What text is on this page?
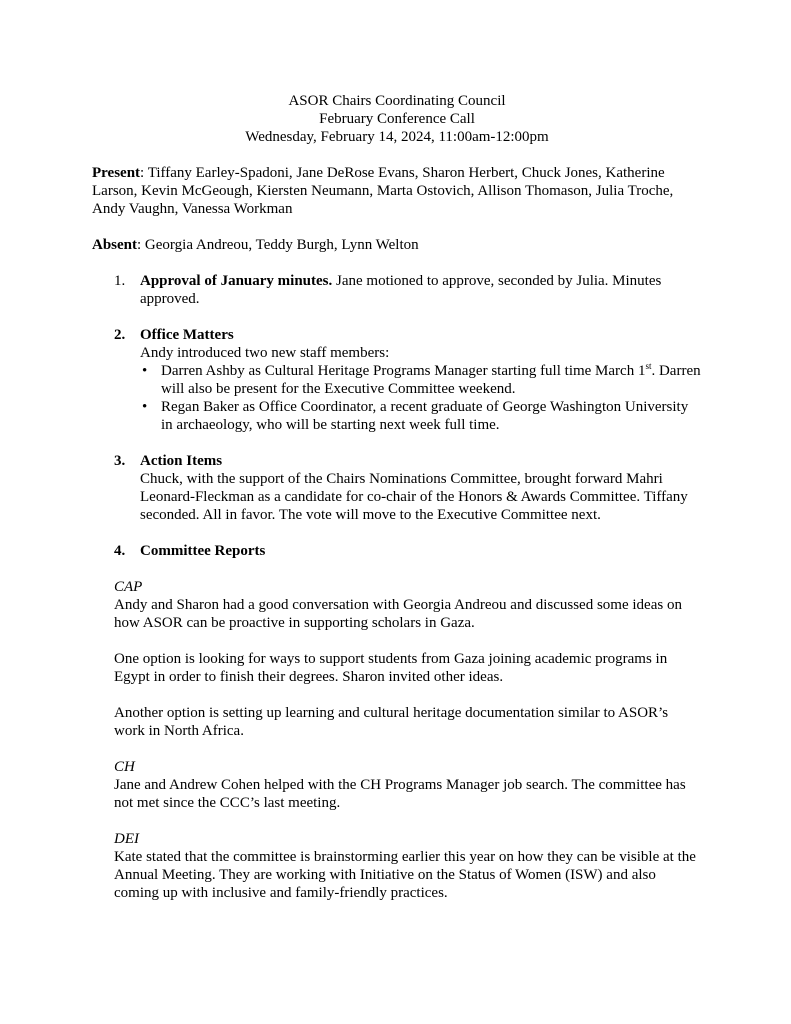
ASOR Chairs Coordinating Council
February Conference Call
Wednesday, February 14, 2024, 11:00am-12:00pm

Present: Tiffany Earley-Spadoni, Jane DeRose Evans, Sharon Herbert, Chuck Jones, Katherine Larson, Kevin McGeough, Kiersten Neumann, Marta Ostovich, Allison Thomason, Julia Troche, Andy Vaughn, Vanessa Workman

Absent: Georgia Andreou, Teddy Burgh, Lynn Welton

1. Approval of January minutes. Jane motioned to approve, seconded by Julia. Minutes approved.

2. Office Matters

Andy introduced two new staff members:

• Darren Ashby as Cultural Heritage Programs Manager starting full time March 1st. Darren will also be present for the Executive Committee weekend.
• Regan Baker as Office Coordinator, a recent graduate of George Washington University in archaeology, who will be starting next week full time.
3. Action Items

Chuck, with the support of the Chairs Nominations Committee, brought forward Mahri Leonard-Fleckman as a candidate for co-chair of the Honors & Awards Committee. Tiffany seconded. All in favor. The vote will move to the Executive Committee next.

4. Committee Reports

CAP

Andy and Sharon had a good conversation with Georgia Andreou and discussed some ideas on how ASOR can be proactive in supporting scholars in Gaza.

One option is looking for ways to support students from Gaza joining academic programs in Egypt in order to finish their degrees. Sharon invited other ideas.

Another option is setting up learning and cultural heritage documentation similar to ASOR’s work in North Africa.

CH

Jane and Andrew Cohen helped with the CH Programs Manager job search. The committee has not met since the CCC’s last meeting.

DEI

Kate stated that the committee is brainstorming earlier this year on how they can be visible at the Annual Meeting. They are working with Initiative on the Status of Women (ISW) and also coming up with inclusive and family-friendly practices.
